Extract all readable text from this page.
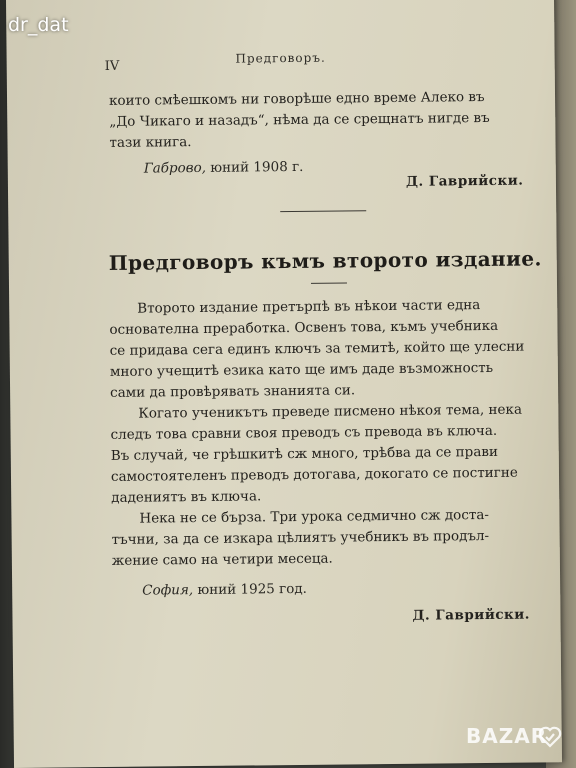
dr_dat
IV
Предговоръ.
които смѣешкомъ ни говорѣше едно време Алеко въ
„До Чикаго и назадъ“, нѣма да се срещнатъ нигде въ
тази книга.
Габрово, юний 1908 г.
Д. Гаврийски.
Предговоръ къмъ второто издание.
Второто издание претърпѣ въ нѣкои части една
основателна преработка. Освенъ това, къмъ учебника
се придава сега единъ ключъ за темитѣ, който ще улесни
много учещитѣ езика като ще имъ даде възможность
сами да провѣрявать знанията си.
Когато ученикътъ преведе писмено нѣкоя тема, нека
следъ това сравни своя преводъ съ превода въ ключа.
Въ случай, че грѣшкитѣ сж много, трѣбва да се прави
самостоятеленъ преводъ дотогава, докогато се постигне
дадениятъ въ ключа.
Нека не се бърза. Три урока седмично сж доста-
тъчни, за да се изкара цѣлиятъ учебникъ въ продъл-
жение само на четири месеца.
София, юний 1925 год.
Д. Гаврийски.
BAZAR
